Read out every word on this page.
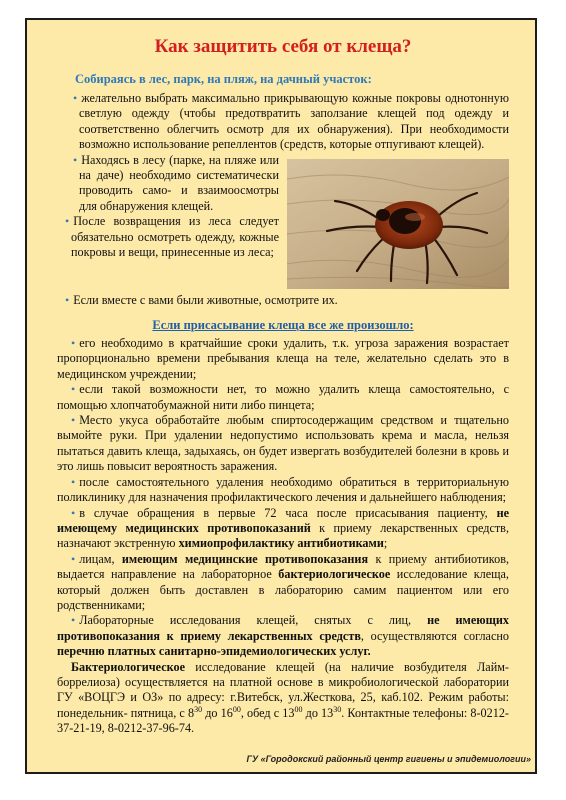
Как защитить себя от клеща?
Собираясь в лес, парк, на пляж, на дачный участок:

• желательно выбрать максимально прикрывающую кожные покровы однотонную светлую одежду (чтобы предотвратить заползание клещей под одежду и соответственно облегчить осмотр для их обнаружения). При необходимости возможно использование репеллентов (средств, которые отпугивают клещей).

• Находясь в лесу (парке, на пляже или на даче) необходимо систематически проводить само- и взаимоосмотры для обнаружения клещей.

• После возвращения из леса следует обязательно осмотреть одежду, кожные покровы и вещи, принесенные из леса;

• Если вместе с вами были животные, осмотрите их.

Если присасывание клеща все же произошло:

• его необходимо в кратчайшие сроки удалить, т.к. угроза заражения возрастает пропорционально времени пребывания клеща на теле, желательно сделать это в медицинском учреждении;

• если такой возможности нет, то можно удалить клеща самостоятельно, с помощью хлопчатобумажной нити либо пинцета;

• Место укуса обработайте любым спиртосодержащим средством и тщательно вымойте руки. При удалении недопустимо использовать крема и масла, нельзя пытаться давить клеща, задыхаясь, он будет извергать возбудителей болезни в кровь и это лишь повысит вероятность заражения.

• после самостоятельного удаления необходимо обратиться в территориальную поликлинику для назначения профилактического лечения и дальнейшего наблюдения;

• в случае обращения в первые 72 часа после присасывания пациенту, не имеющему медицинских противопоказаний к приему лекарственных средств, назначают экстренную химиопрофилактику антибиотиками;

• лицам, имеющим медицинские противопоказания к приему антибиотиков, выдается направление на лабораторное бактериологическое исследование клеща, который должен быть доставлен в лабораторию самим пациентом или его родственниками;

• Лабораторные исследования клещей, снятых с лиц, не имеющих противопоказания к приему лекарственных средств, осуществляются согласно перечню платных санитарно-эпидемиологических услуг.

Бактериологическое исследование клещей (на наличие возбудителя Лайм-боррелиоза) осуществляется на платной основе в микробиологической лаборатории ГУ «ВОЦГЭ и ОЗ» по адресу: г.Витебск, ул.Жесткова, 25, каб.102. Режим работы: понедельник- пятница, с $8^{30}$ до $16^{00}$, обед с $13^{00}$ до $13^{30}$. Контактные телефоны: 8-0212-37-21-19, 8-0212-37-96-74.

ГУ «Городокский районный центр гигиены и эпидемиологии»
